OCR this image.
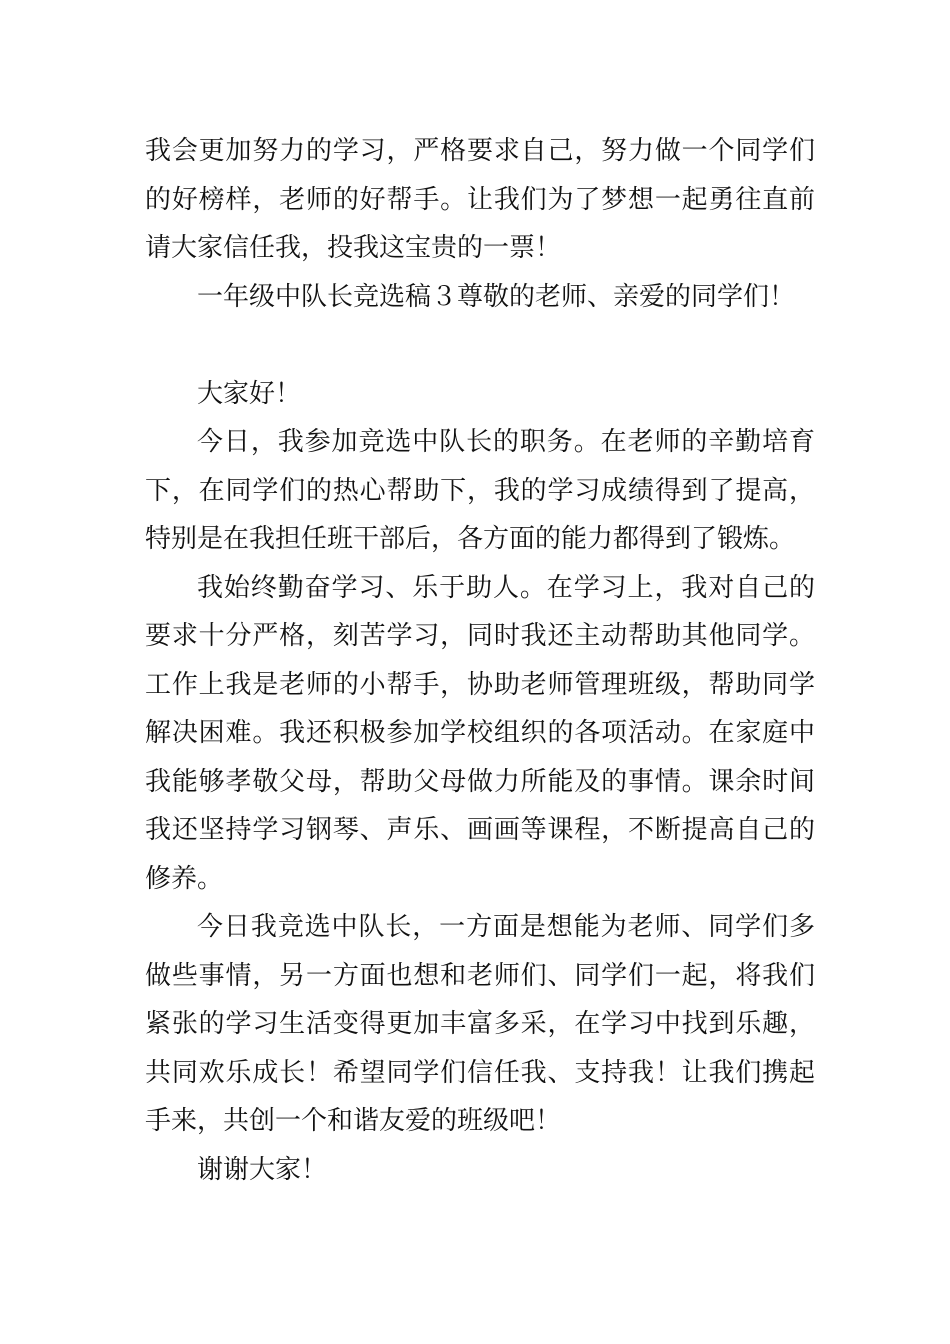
我会更加努力的学习，严格要求自己，努力做一个同学们的好榜样，老师的好帮手。让我们为了梦想一起勇往直前请大家信任我，投我这宝贵的一票！

一年级中队长竞选稿３尊敬的老师、亲爱的同学们！

大家好！

今日，我参加竞选中队长的职务。在老师的辛勤培育下，在同学们的热心帮助下，我的学习成绩得到了提高，特别是在我担任班干部后，各方面的能力都得到了锻炼。

我始终勤奋学习、乐于助人。在学习上，我对自己的要求十分严格，刻苦学习，同时我还主动帮助其他同学。工作上我是老师的小帮手，协助老师管理班级，帮助同学解决困难。我还积极参加学校组织的各项活动。在家庭中我能够孝敬父母，帮助父母做力所能及的事情。课余时间我还坚持学习钢琴、声乐、画画等课程，不断提高自己的修养。

今日我竞选中队长，一方面是想能为老师、同学们多做些事情，另一方面也想和老师们、同学们一起，将我们紧张的学习生活变得更加丰富多采，在学习中找到乐趣，共同欢乐成长！希望同学们信任我、支持我！让我们携起手来，共创一个和谐友爱的班级吧！

谢谢大家！
